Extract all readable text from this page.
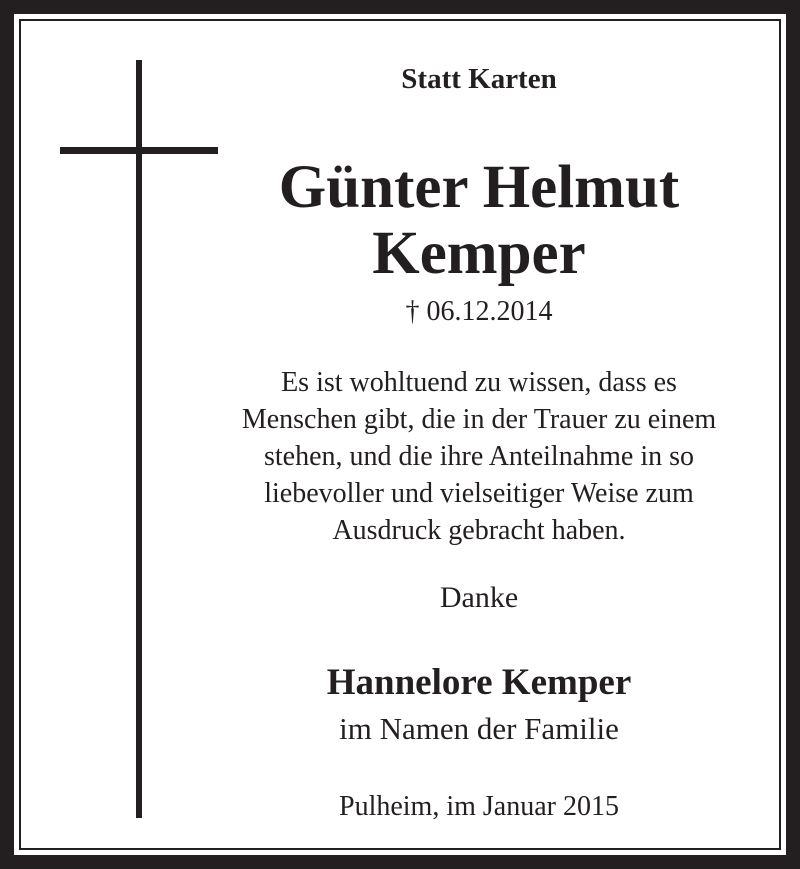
Statt Karten

Günter Helmut

Kemper

† 06.12.2014

Es ist wohltuend zu wissen, dass es
Menschen gibt, die in der Trauer zu einem
stehen, und die ihre Anteilnahme in so
liebevoller und vielseitiger Weise zum
Ausdruck gebracht haben.

Danke

Hannelore Kemper

im Namen der Familie

Pulheim, im Januar 2015
